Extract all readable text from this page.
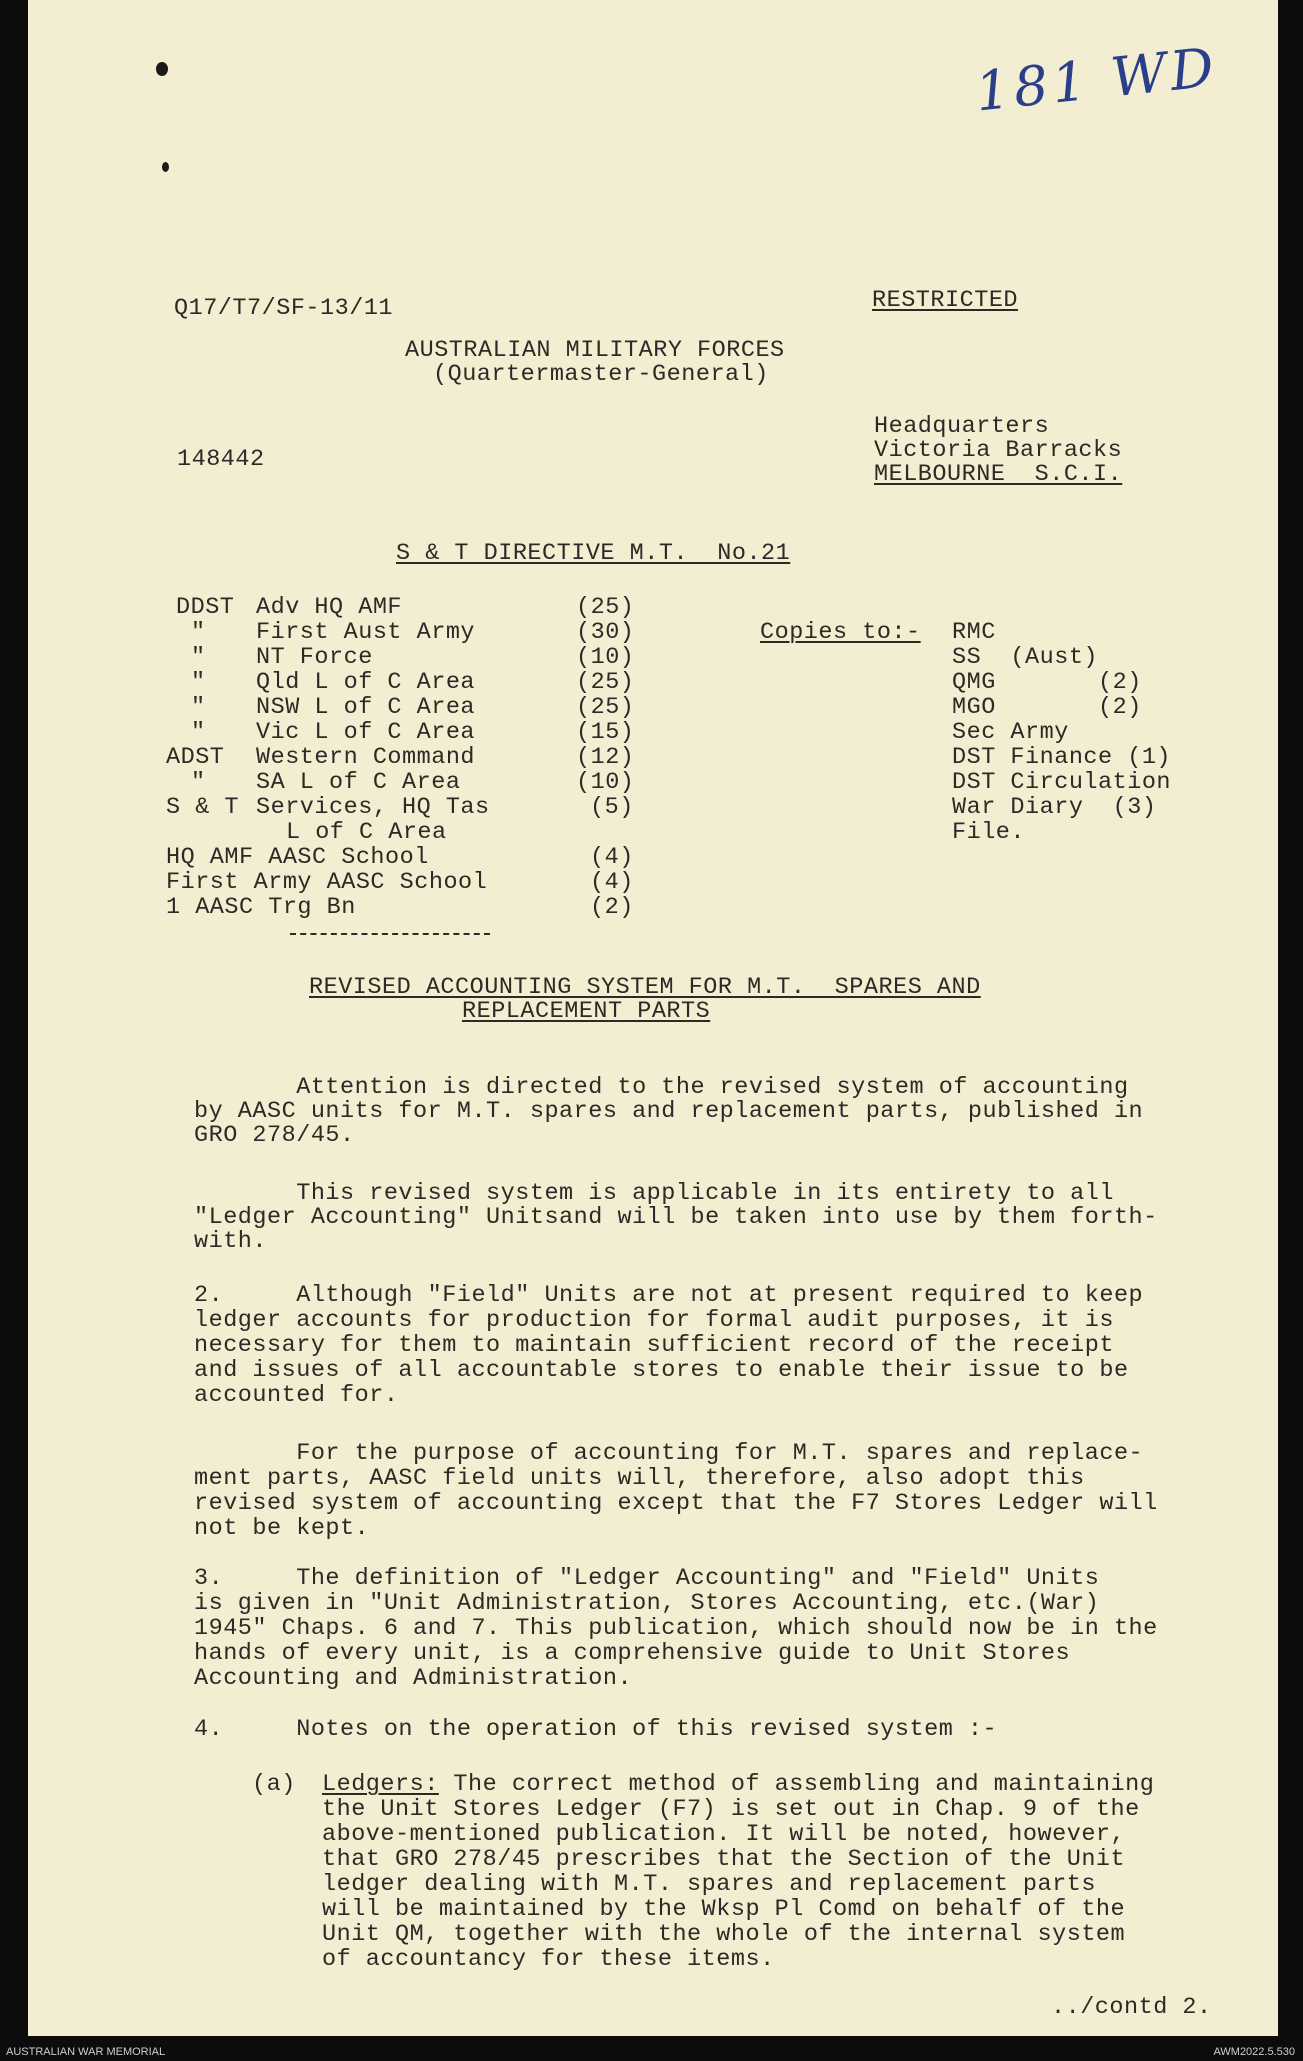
181 WD
Q17/T7/SF-13/11	RESTRICTED
AUSTRALIAN MILITARY FORCES
(Quartermaster-General)
148442
Headquarters
Victoria Barracks
MELBOURNE  S.C.I.
S & T DIRECTIVE M.T.  No.21
DDST Adv HQ AMF	(25)
" First Aust Army	(30)
" NT Force	(10)
" Qld L of C Area	(25)
" NSW L of C Area	(25)
" Vic L of C Area	(15)
ADST Western Command	(12)
" SA L of C Area	(10)
S & T Services, HQ Tas	(5)
L of C Area
HQ AMF AASC School	(4)
First Army AASC School	(4)
1 AASC Trg Bn	(2)
Copies to:- RMC
SS  (Aust)
QMG       (2)
MGO       (2)
Sec Army
DST Finance (1)
DST Circulation
War Diary  (3)
File.
REVISED ACCOUNTING SYSTEM FOR M.T.  SPARES AND
REPLACEMENT PARTS
Attention is directed to the revised system of accounting
by AASC units for M.T. spares and replacement parts, published in
GRO 278/45.
This revised system is applicable in its entirety to all
"Ledger Accounting" Unitsand will be taken into use by them forth-
with.
2.     Although "Field" Units are not at present required to keep
ledger accounts for production for formal audit purposes, it is
necessary for them to maintain sufficient record of the receipt
and issues of all accountable stores to enable their issue to be
accounted for.
For the purpose of accounting for M.T. spares and replace-
ment parts, AASC field units will, therefore, also adopt this
revised system of accounting except that the F7 Stores Ledger will
not be kept.
3.     The definition of "Ledger Accounting" and "Field" Units
is given in "Unit Administration, Stores Accounting, etc.(War)
1945" Chaps. 6 and 7. This publication, which should now be in the
hands of every unit, is a comprehensive guide to Unit Stores
Accounting and Administration.
4.     Notes on the operation of this revised system :-
(a) Ledgers: The correct method of assembling and maintaining
the Unit Stores Ledger (F7) is set out in Chap. 9 of the
above-mentioned publication. It will be noted, however,
that GRO 278/45 prescribes that the Section of the Unit
ledger dealing with M.T. spares and replacement parts
will be maintained by the Wksp Pl Comd on behalf of the
Unit QM, together with the whole of the internal system
of accountancy for these items.
../contd 2.
AUSTRALIAN WAR MEMORIAL	AWM2022.5.530
